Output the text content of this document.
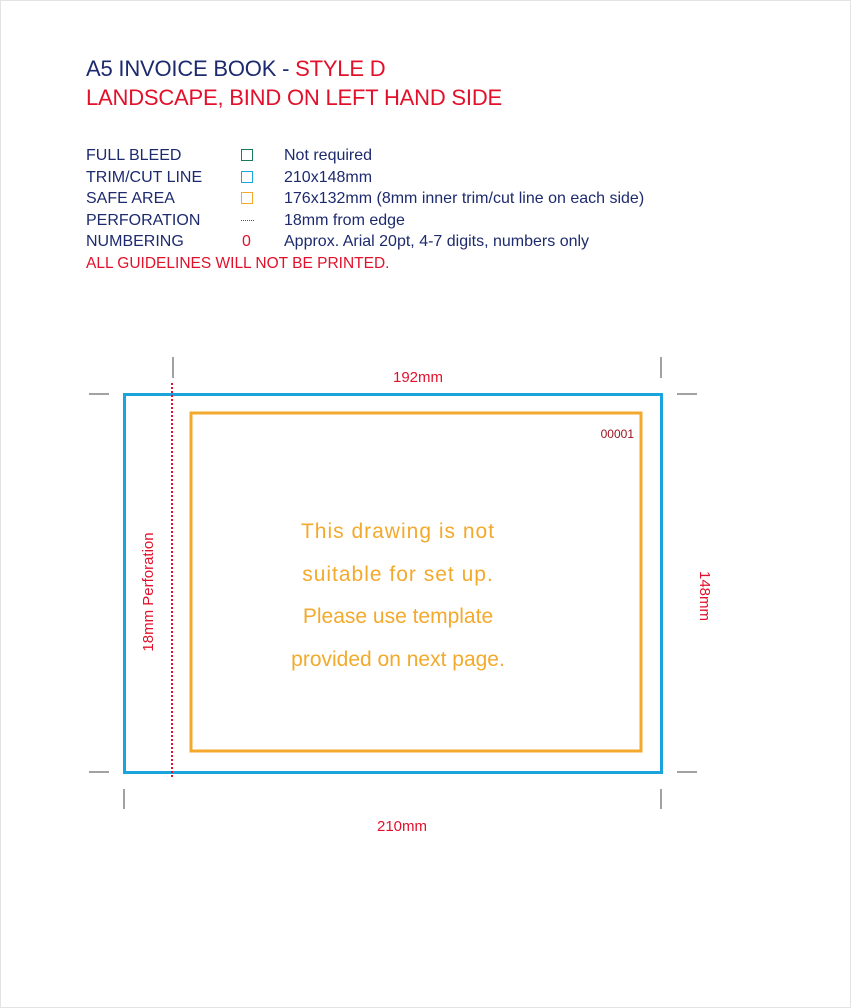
A5 INVOICE BOOK - STYLE D
LANDSCAPE, BIND ON LEFT HAND SIDE
FULL BLEED	Not required
TRIM/CUT LINE	210x148mm
SAFE AREA	176x132mm (8mm inner trim/cut line on each side)
PERFORATION	18mm from edge
NUMBERING	0 Approx. Arial 20pt, 4-7 digits, numbers only
ALL GUIDELINES WILL NOT BE PRINTED.
192mm
210mm
148mm
18mm Perforation
00001
This drawing is not
suitable for set up.
Please use template
provided on next page.
